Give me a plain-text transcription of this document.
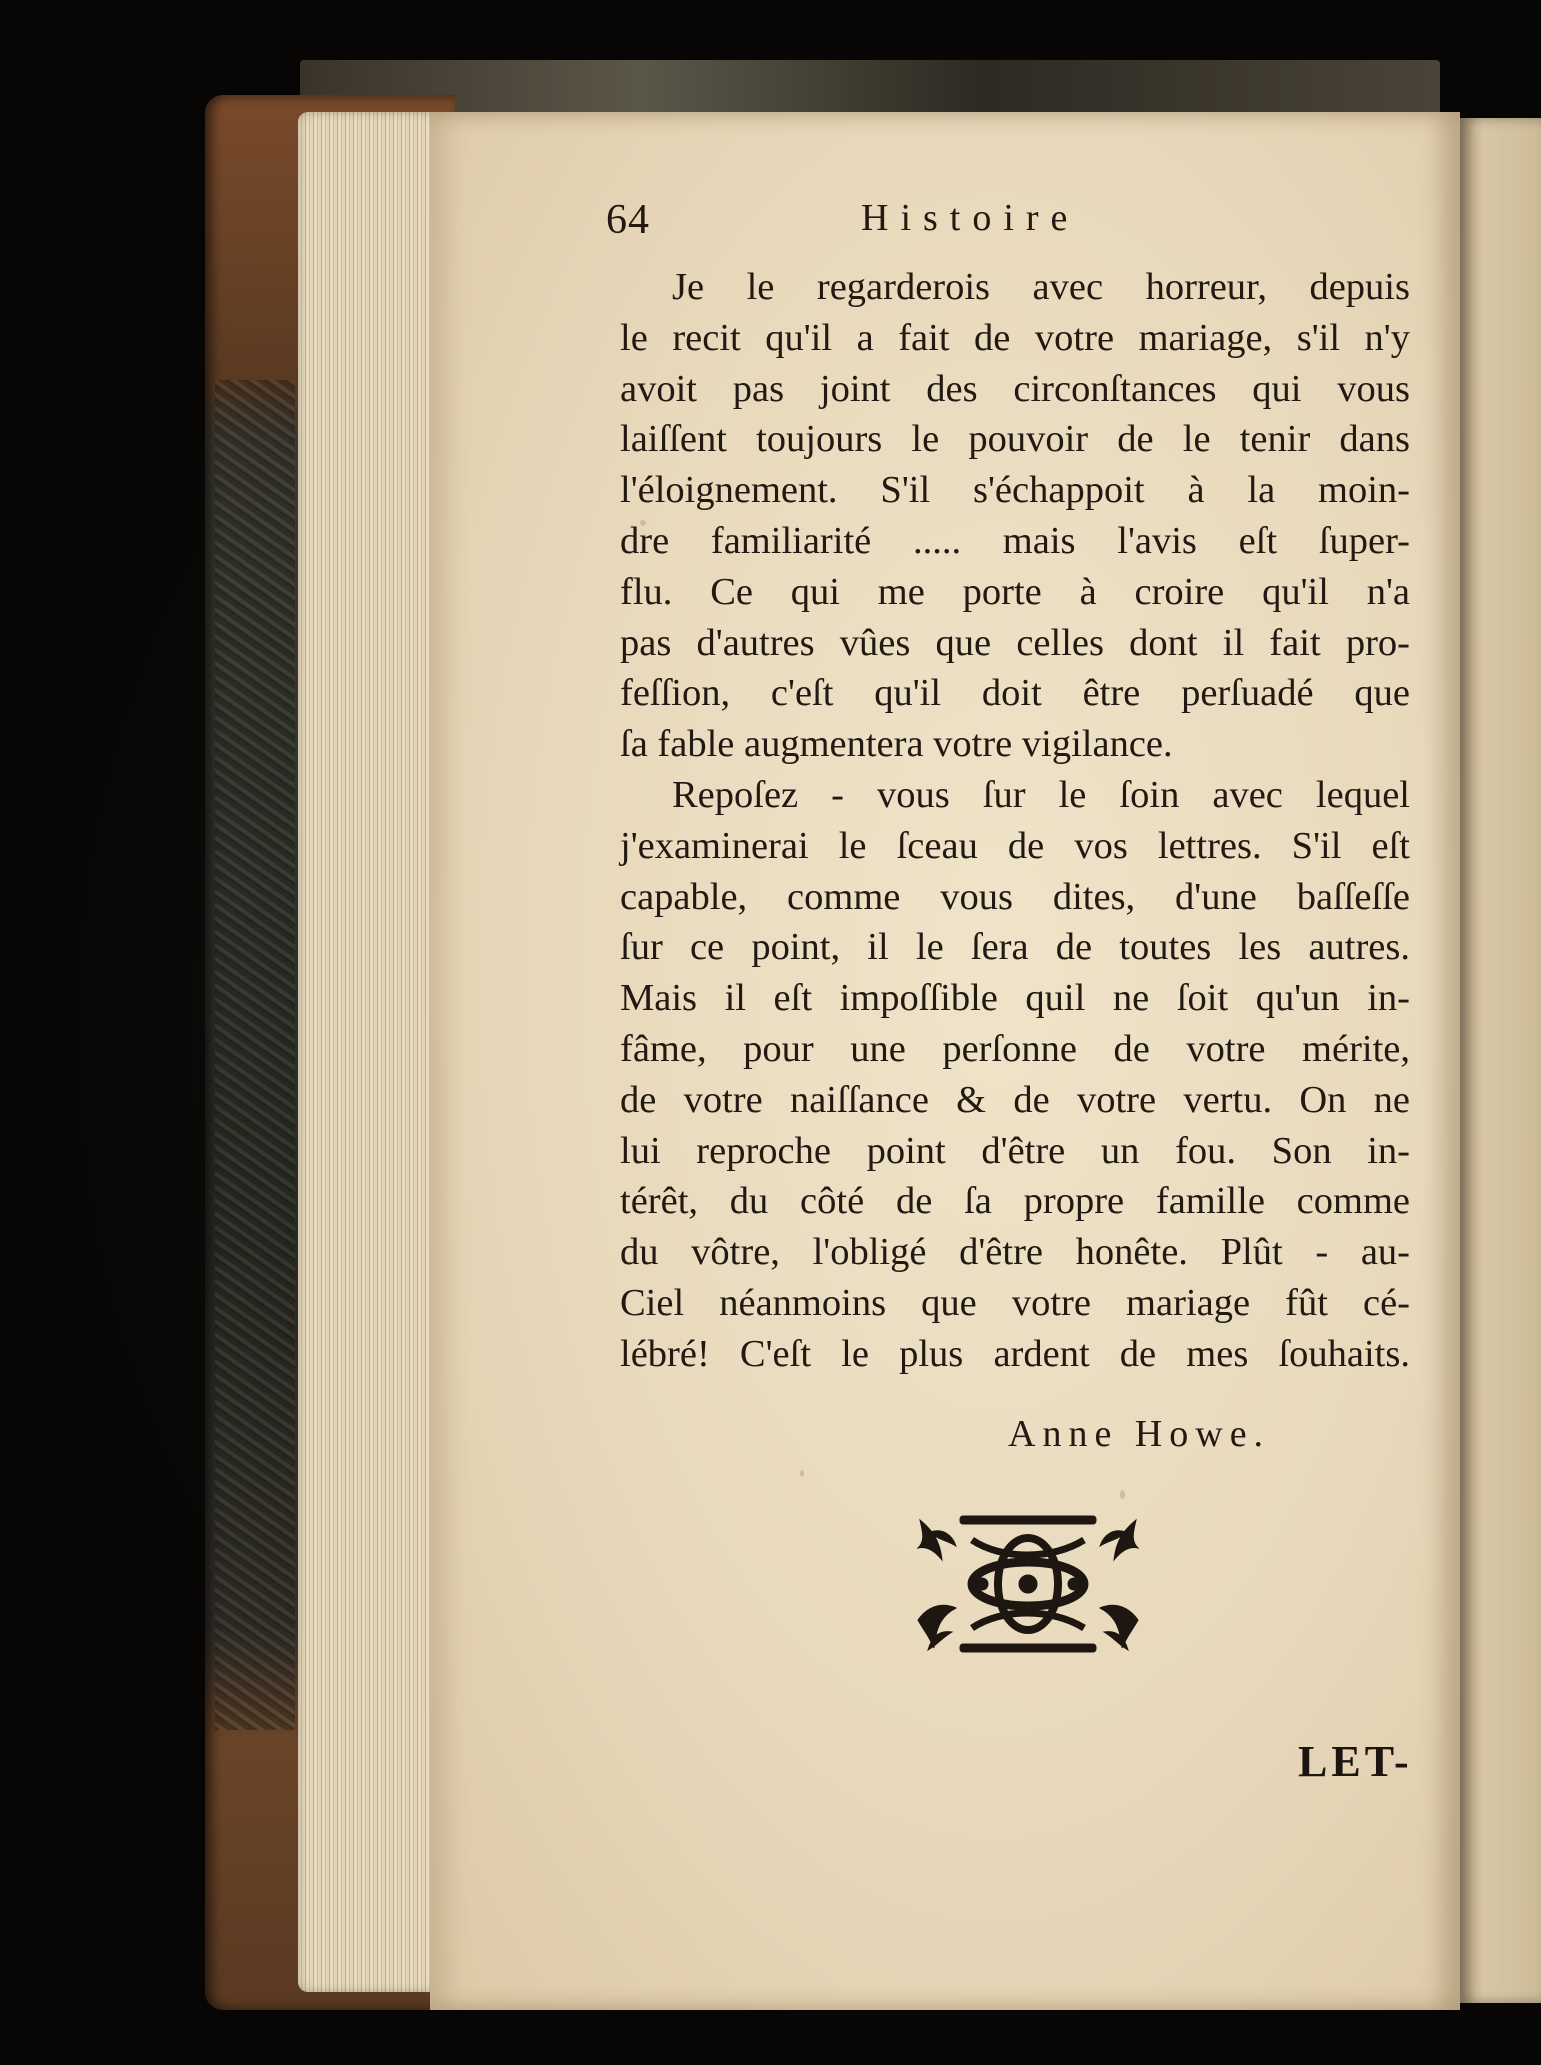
64	Histoire
Je le regarderois avec horreur, depuis
le recit qu'il a fait de votre mariage, s'il n'y
avoit pas joint des circonſtances qui vous
laiſſent toujours le pouvoir de le tenir dans
l'éloignement. S'il s'échappoit à la moin-
dre familiarité ..... mais l'avis eſt ſuper-
flu. Ce qui me porte à croire qu'il n'a
pas d'autres vûes que celles dont il fait pro-
feſſion, c'eſt qu'il doit être perſuadé que
ſa fable augmentera votre vigilance.
Repoſez - vous ſur le ſoin avec lequel
j'examinerai le ſceau de vos lettres. S'il eſt
capable, comme vous dites, d'une baſſeſſe
ſur ce point, il le ſera de toutes les autres.
Mais il eſt impoſſible quil ne ſoit qu'un in-
fâme, pour une perſonne de votre mérite,
de votre naiſſance & de votre vertu. On ne
lui reproche point d'être un fou. Son in-
térêt, du côté de ſa propre famille comme
du vôtre, l'obligé d'être honête. Plût - au-
Ciel néanmoins que votre mariage fût cé-
lébré! C'eſt le plus ardent de mes ſouhaits.
Anne Howe.
LET-
